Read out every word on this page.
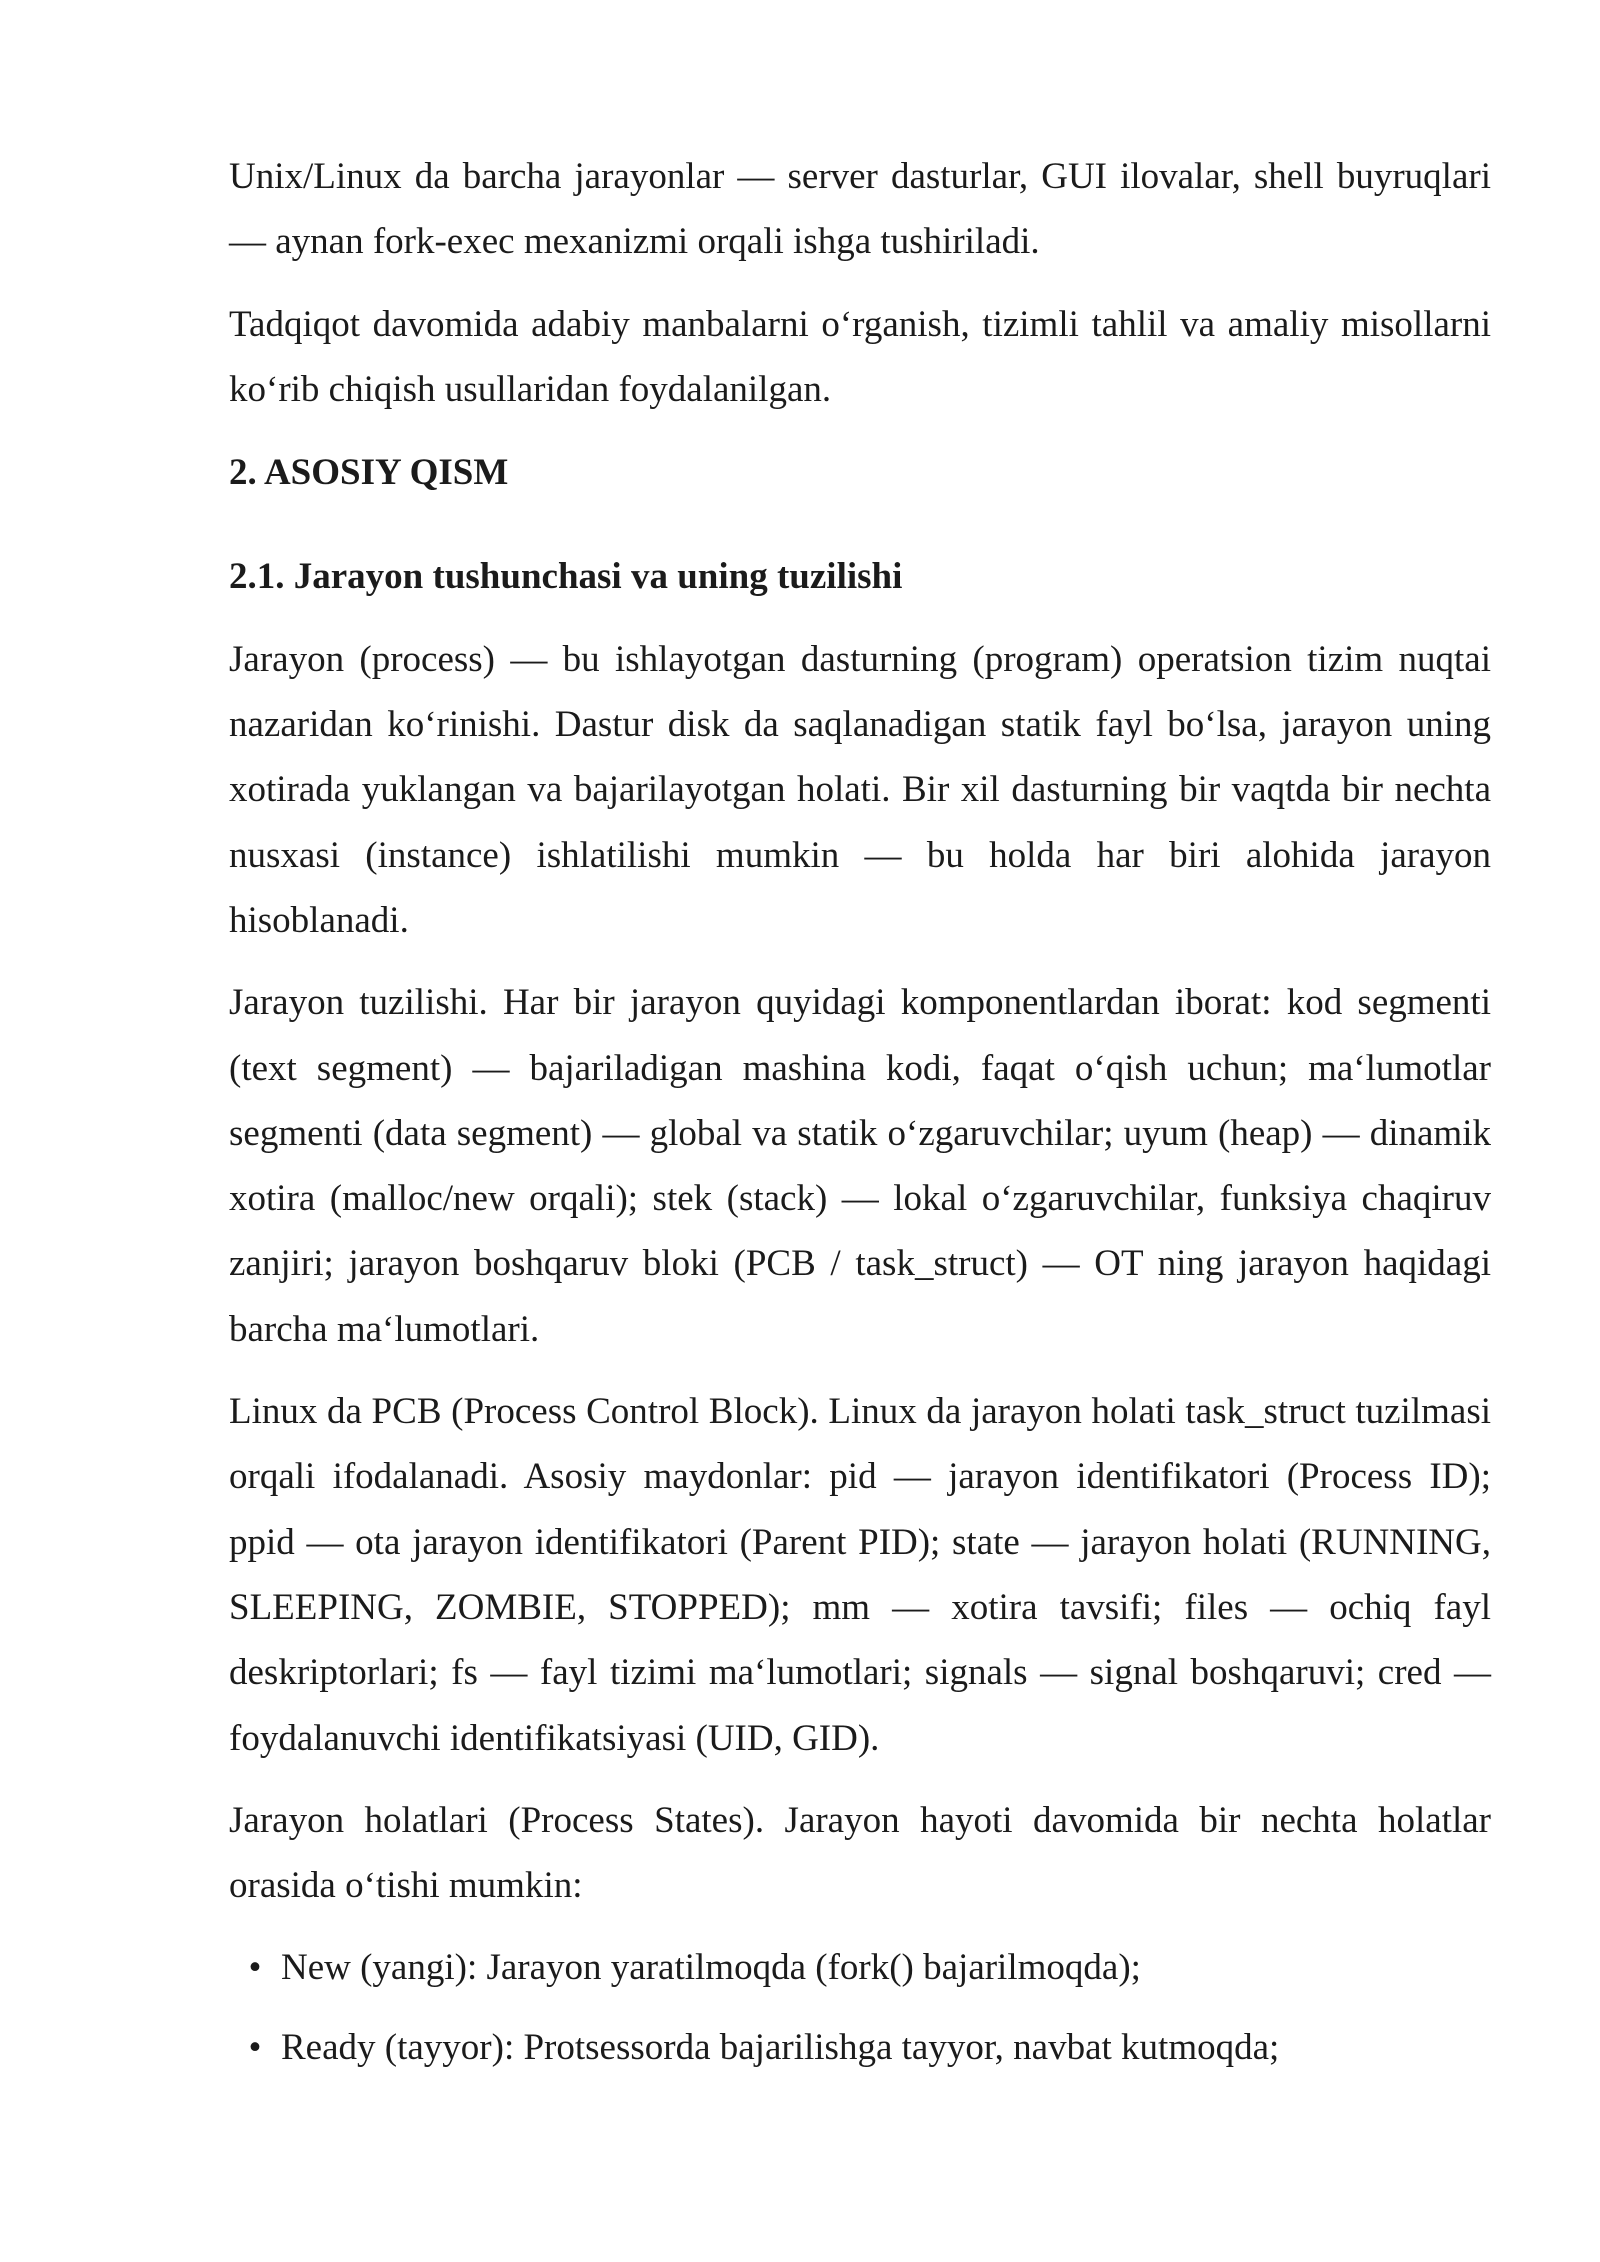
Unix/Linux da barcha jarayonlar — server dasturlar, GUI ilovalar, shell buyruqlari
— aynan fork-exec mexanizmi orqali ishga tushiriladi.
Tadqiqot davomida adabiy manbalarni o‘rganish, tizimli tahlil va amaliy misollarni
ko‘rib chiqish usullaridan foydalanilgan.
2. ASOSIY QISM
2.1. Jarayon tushunchasi va uning tuzilishi
Jarayon (process) — bu ishlayotgan dasturning (program) operatsion tizim nuqtai
nazaridan ko‘rinishi. Dastur disk da saqlanadigan statik fayl bo‘lsa, jarayon uning
xotirada yuklangan va bajarilayotgan holati. Bir xil dasturning bir vaqtda bir nechta
nusxasi (instance) ishlatilishi mumkin — bu holda har biri alohida jarayon
hisoblanadi.
Jarayon tuzilishi. Har bir jarayon quyidagi komponentlardan iborat: kod segmenti
(text segment) — bajariladigan mashina kodi, faqat o‘qish uchun; ma‘lumotlar
segmenti (data segment) — global va statik o‘zgaruvchilar; uyum (heap) — dinamik
xotira (malloc/new orqali); stek (stack) — lokal o‘zgaruvchilar, funksiya chaqiruv
zanjiri; jarayon boshqaruv bloki (PCB / task_struct) — OT ning jarayon haqidagi
barcha ma‘lumotlari.
Linux da PCB (Process Control Block). Linux da jarayon holati task_struct tuzilmasi
orqali ifodalanadi. Asosiy maydonlar: pid — jarayon identifikatori (Process ID);
ppid — ota jarayon identifikatori (Parent PID); state — jarayon holati (RUNNING,
SLEEPING, ZOMBIE, STOPPED); mm — xotira tavsifi; files — ochiq fayl
deskriptorlari; fs — fayl tizimi ma‘lumotlari; signals — signal boshqaruvi; cred —
foydalanuvchi identifikatsiyasi (UID, GID).
Jarayon holatlari (Process States). Jarayon hayoti davomida bir nechta holatlar
orasida o‘tishi mumkin:
• New (yangi): Jarayon yaratilmoqda (fork() bajarilmoqda);
• Ready (tayyor): Protsessorda bajarilishga tayyor, navbat kutmoqda;
